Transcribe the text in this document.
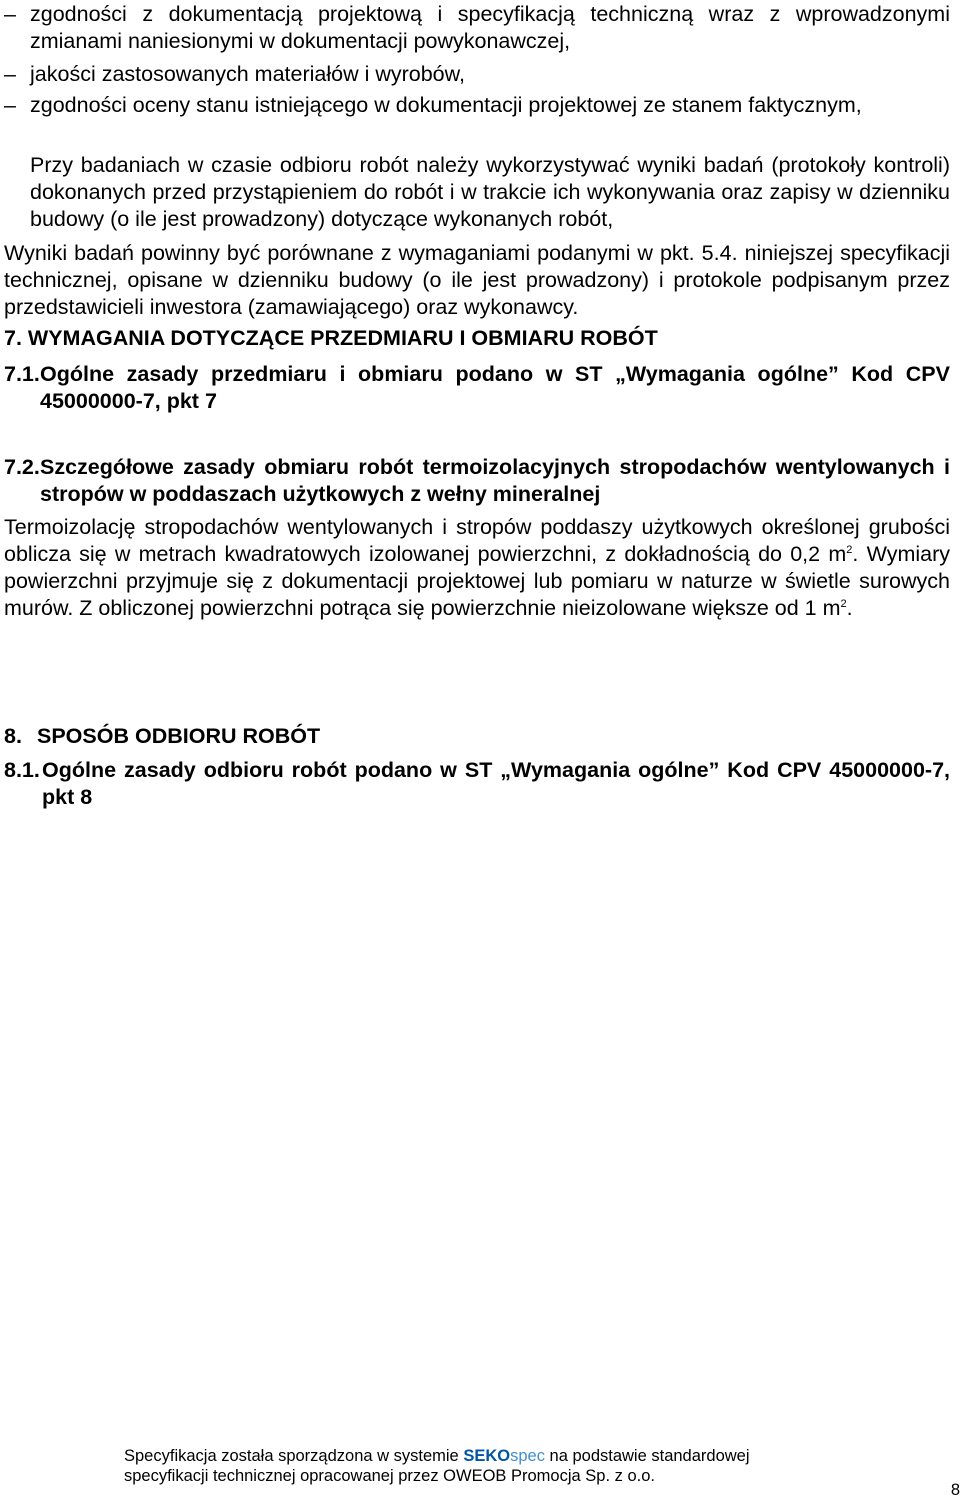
– zgodności z dokumentacją projektową i specyfikacją techniczną wraz z wprowadzonymi zmianami naniesionymi w dokumentacji powykonawczej,
– jakości zastosowanych materiałów i wyrobów,
– zgodności oceny stanu istniejącego w dokumentacji projektowej ze stanem faktycznym,

Przy badaniach w czasie odbioru robót należy wykorzystywać wyniki badań (protokoły kontroli) dokonanych przed przystąpieniem do robót i w trakcie ich wykonywania oraz zapisy w dzienniku budowy (o ile jest prowadzony) dotyczące wykonanych robót,

Wyniki badań powinny być porównane z wymaganiami podanymi w pkt. 5.4. niniejszej specyfikacji technicznej, opisane w dzienniku budowy (o ile jest prowadzony) i protokole podpisanym przez przedstawicieli inwestora (zamawiającego) oraz wykonawcy.

7. WYMAGANIA DOTYCZĄCE PRZEDMIARU I OBMIARU ROBÓT
7.1. Ogólne zasady przedmiaru i obmiaru podano w ST „Wymagania ogólne” Kod CPV 45000000-7, pkt 7
7.2. Szczegółowe zasady obmiaru robót termoizolacyjnych stropodachów wentylowanych i stropów w poddaszach użytkowych z wełny mineralnej

Termoizolację stropodachów wentylowanych i stropów poddaszy użytkowych określonej grubości oblicza się w metrach kwadratowych izolowanej powierzchni, z dokładnością do 0,2 $m^2$. Wymiary powierzchni przyjmuje się z dokumentacji projektowej lub pomiaru w naturze w świetle surowych murów. Z obliczonej powierzchni potrąca się powierzchnie nieizolowane większe od 1 $m^2$.

8. SPOSÓB ODBIORU ROBÓT
8.1. Ogólne zasady odbioru robót podano w ST „Wymagania ogólne” Kod CPV 45000000-7, pkt 8
Specyfikacja została sporządzona w systemie SEKOspec na podstawie standardowej
specyfikacji technicznej opracowanej przez OWEOB Promocja Sp. z o.o.
8
